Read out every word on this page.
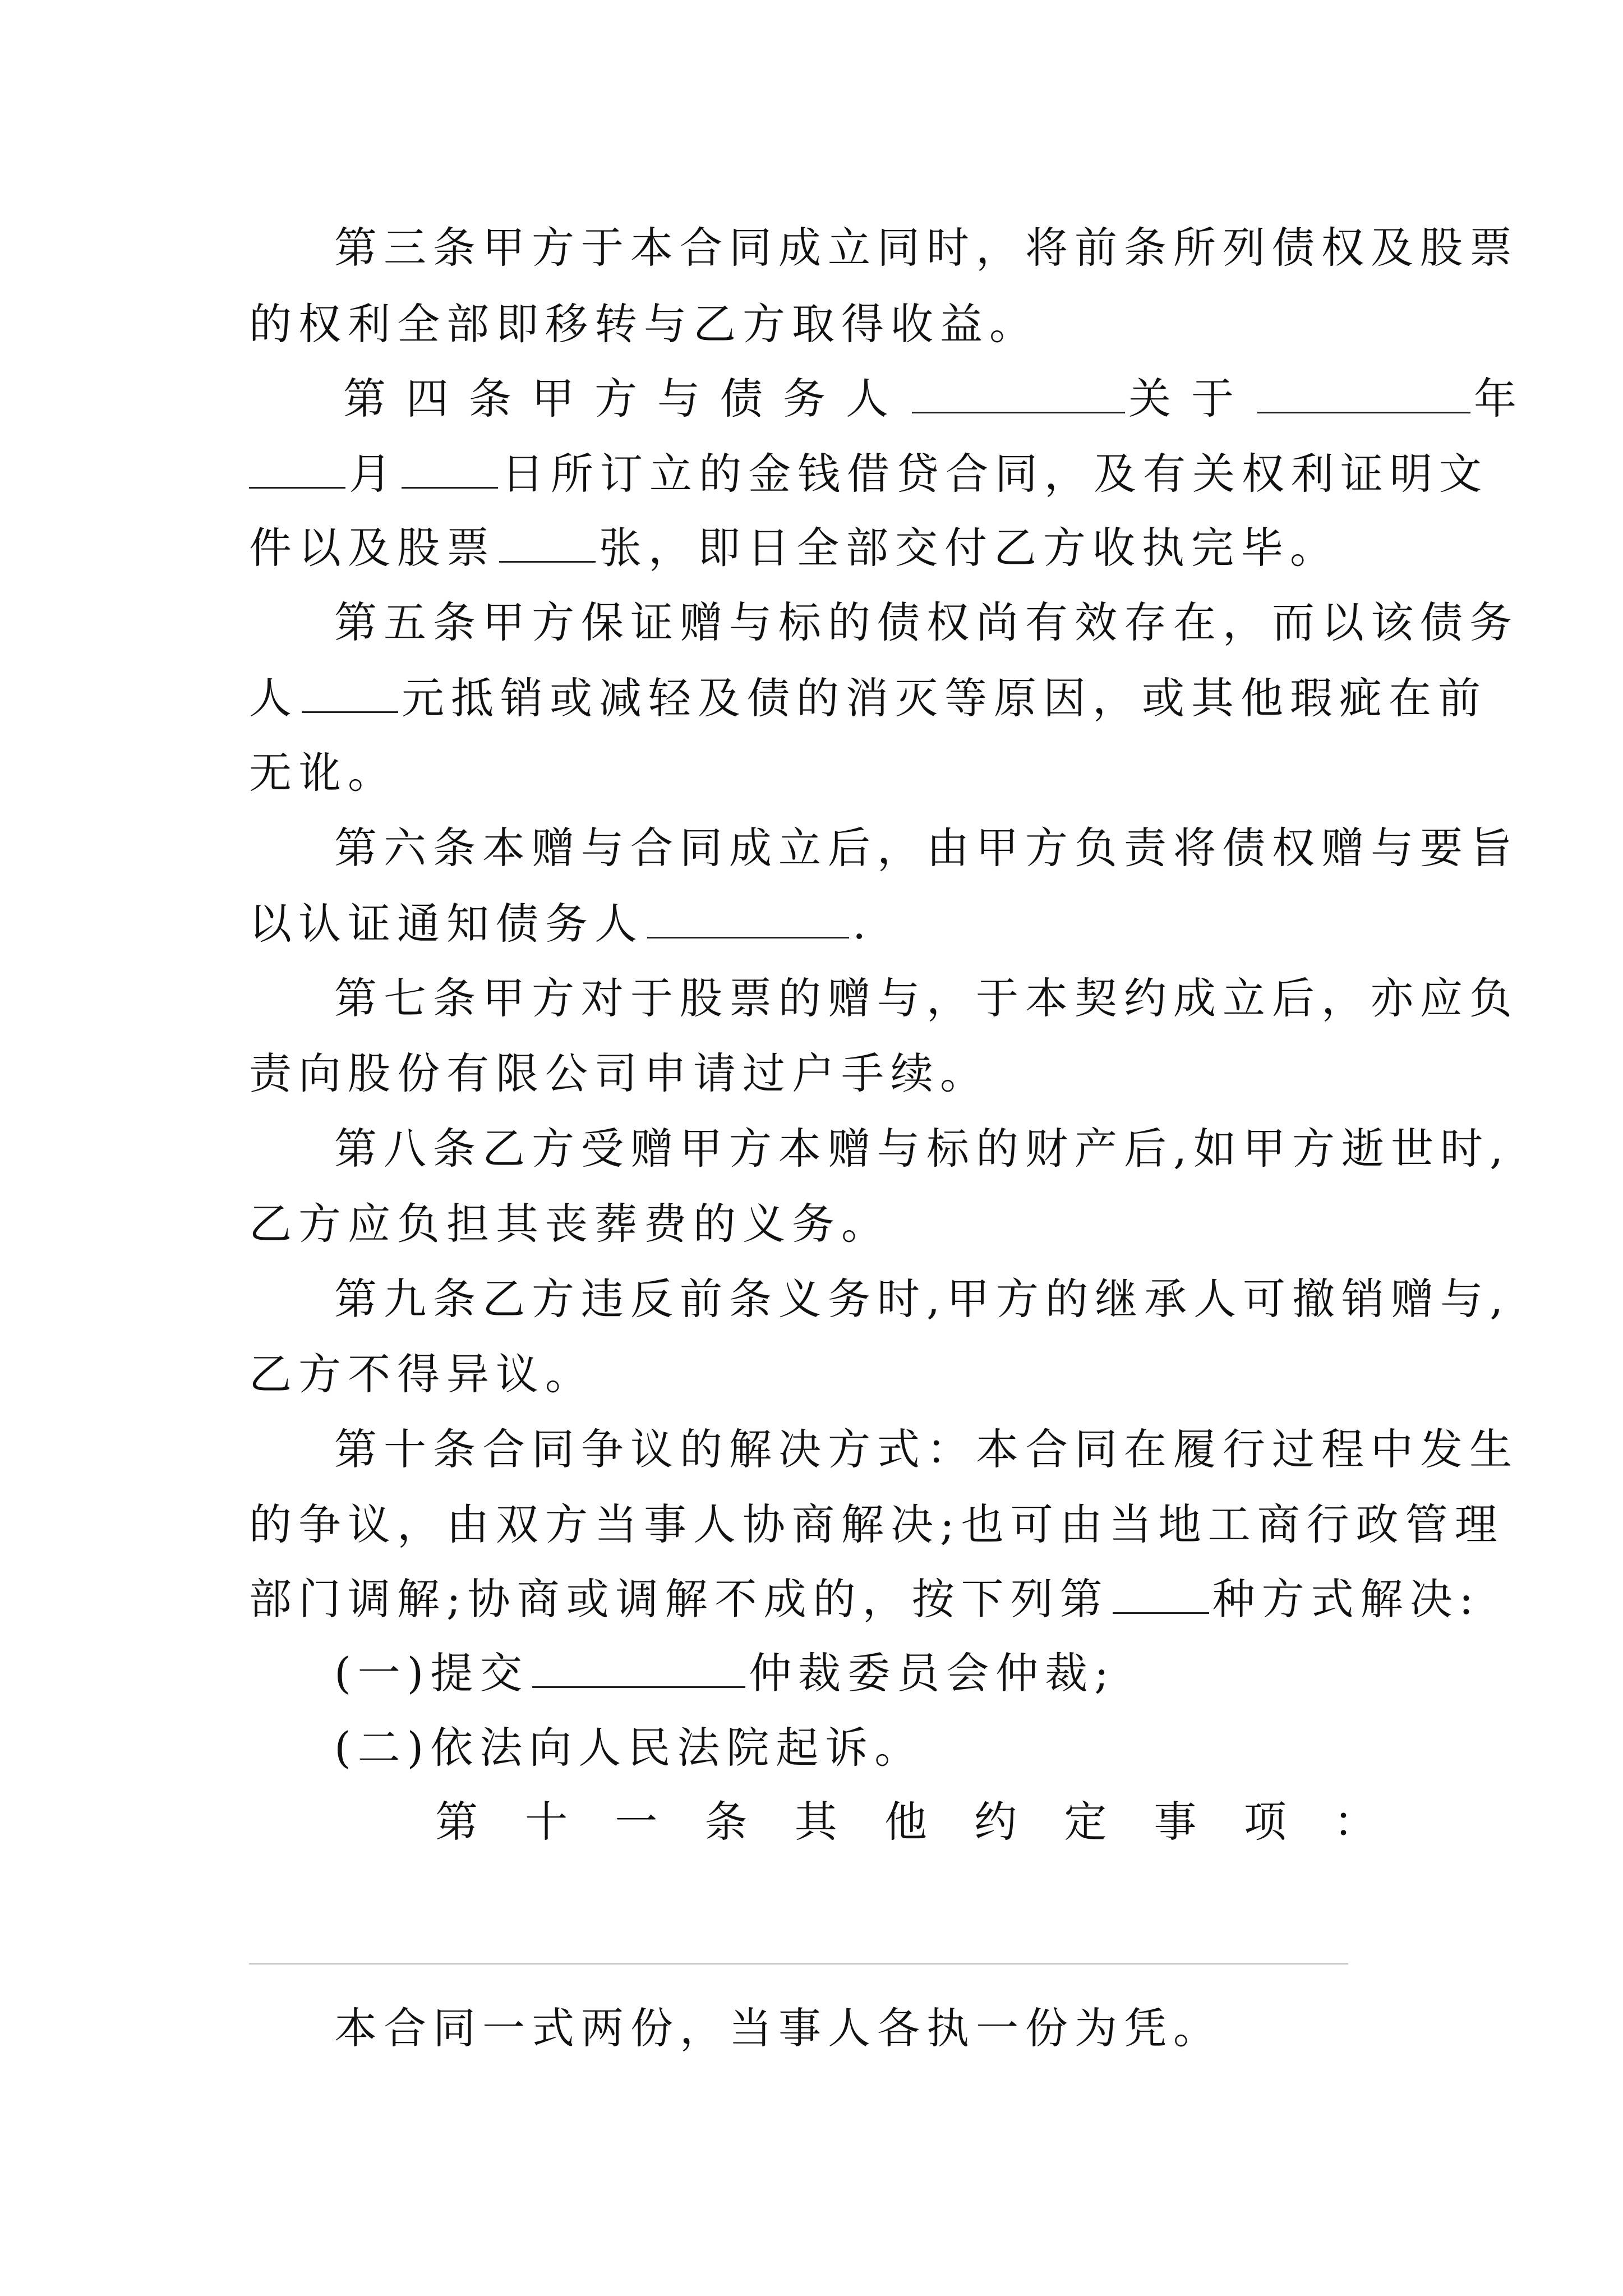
第三条甲方于本合同成立同时，将前条所列债权及股票

的权利全部即移转与乙方取得收益。

第四条甲方与债务人	关于	年

月 日所订立的金钱借贷合同，及有关权利证明文

件以及股票 张，即日全部交付乙方收执完毕。

第五条甲方保证赠与标的债权尚有效存在，而以该债务

人 元抵销或减轻及债的消灭等原因，或其他瑕疵在前

无讹。

第六条本赠与合同成立后，由甲方负责将债权赠与要旨

以认证通知债务人	.

第七条甲方对于股票的赠与，于本契约成立后，亦应负

责向股份有限公司申请过户手续。

第八条乙方受赠甲方本赠与标的财产后,如甲方逝世时,

乙方应负担其丧葬费的义务。

第九条乙方违反前条义务时,甲方的继承人可撤销赠与,

乙方不得异议。

第十条合同争议的解决方式：本合同在履行过程中发生

的争议，由双方当事人协商解决;也可由当地工商行政管理

部门调解;协商或调解不成的，按下列第 种方式解决:

(一)提交	仲裁委员会仲裁;

(二)依法向人民法院起诉。

第 十 一 条 其 他 约 定 事 项 ：

本合同一式两份，当事人各执一份为凭。
